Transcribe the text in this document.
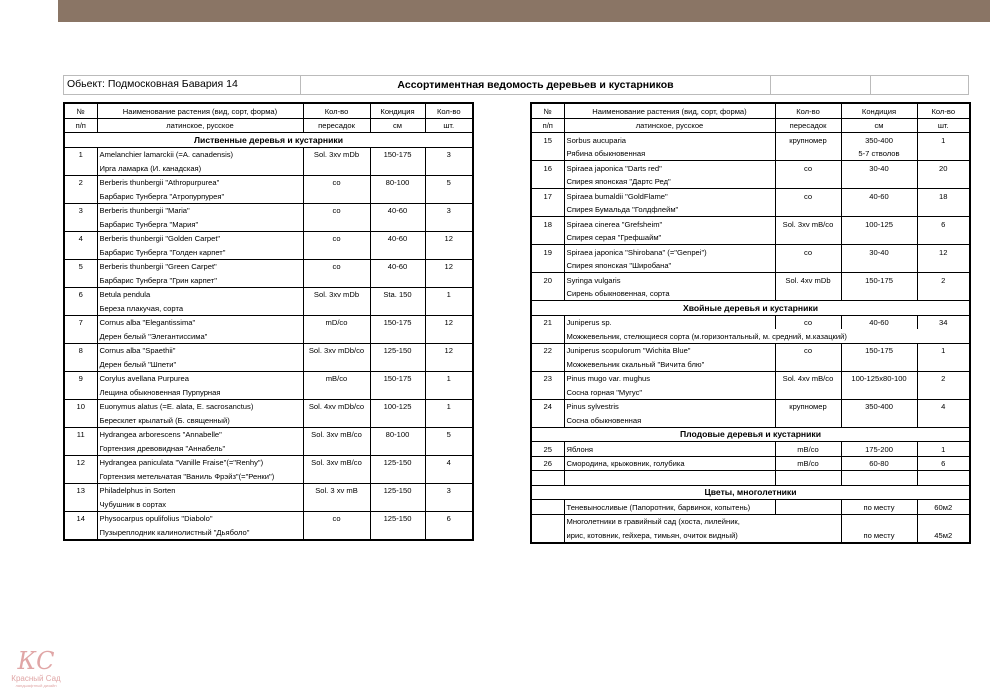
Обьект: Подмосковная Бавария 14	Ассортиментная ведомость деревьев и кустарников
№	Наименование растения (вид, сорт, форма)	Кол-во	Кондиция	Кол-во
п/п	латинское, русское	пересадок	см	шт.
Лиственные деревья и кустарники				
1	Amelanchier lamarckii (=A. canadensis)	Sol. 3xv mDb	150-175	3
	Ирга ламарка (И. канадская)			
2	Berberis thunbergii "Athropurpurea"	со	80-100	5
	Барбарис Тунберга "Атропурпурея"			
3	Berberis thunbergii "Maria"	со	40-60	3
	Барбарис Тунберга "Мария"			
4	Berberis thunbergii "Golden Carpet"	со	40-60	12
	Барбарис Тунберга "Голден карпет"			
5	Berberis thunbergii "Green Carpet"	со	40-60	12
	Барбарис Тунберга "Грин карпет"			
6	Betula pendula	Sol. 3xv mDb	Sta. 150	1
	Береза плакучая, сорта			
7	Cornus alba "Elegantissima"	mD/co	150-175	12
	Дерен белый "Элегантиссима"			
8	Cornus alba "Spaethii"	Sol. 3xv mDb/co	125-150	12
	Дерен белый "Шпети"			
9	Corylus avellana Purpurea	mB/co	150-175	1
	Лещина обыкновенная Пурпурная			
10	Euonymus alatus (=E. alata, E. sacrosanctus)	Sol. 4xv mDb/co	100-125	1
	Бересклет крылатый (Б. священный)			
11	Hydrangea arborescens "Annabelle"	Sol. 3xv mB/co	80-100	5
	Гортензия древовидная "Аннабель"			
12	Hydrangea paniculata "Vanille Fraise"(="Renhy")	Sol. 3xv mB/co	125-150	4
	Гортензия метельчатая "Ваниль Фрэйз"(="Ренки")			
13	Philadelphus in Sorten	Sol. 3 xv mB	125-150	3
	Чубушник в сортах			
14	Physocarpus opulifolius "Diabolo"	со	125-150	6
	Пузыреплодник калинолистный "Дьяболо"			
№	Наименование растения (вид, сорт, форма)	Кол-во	Кондиция	Кол-во
п/п	латинское, русское	пересадок	см	шт.
15	Sorbus aucuparia	крупномер	350-400	1
	Рябина обыкновенная		5-7 стволов	
16	Spiraea japonica "Darts red"	со	30-40	20
	Спирея японская "Дартс Ред"			
17	Spiraea bumaldii "GoldFlame"	со	40-60	18
	Спирея Бумальда "Голдфлейм"			
18	Spiraea cinerea "Grefsheim"	Sol. 3xv mB/co	100-125	6
	Спирея серая "Грефшайм"			
19	Spiraea japonica "Shirobana" (="Genpei")	со	30-40	12
	Спирея японская "Широбана"			
20	Syringa vulgaris	Sol. 4xv mDb	150-175	2
	Сирень обыкновенная, сорта			
Хвойные деревья и кустарники				
21	Juniperus sp.	со	40-60	34
	Можжевельник, стелющиеся сорта (м.горизонтальный, м. средний, м.казацкий)			
22	Juniperus scopulorum "Wichita Blue"	со	150-175	1
	Можжевельник скальный "Вичита блю"			
23	Pinus mugo var. mughus	Sol. 4xv mB/co	100-125x80-100	2
	Сосна горная "Мугус"			
24	Pinus sylvestris	крупномер	350-400	4
	Сосна обыкновенная			
Плодовые деревья и кустарники				
25	Яблоня	mB/co	175-200	1
26	Смородина, крыжовник, голубика	mB/co	60-80	6

Цветы, многолетники				
	Теневыносливые (Папоротник, барвинок, копытень)		по месту	60м2
	Многолетники в гравийный сад (хоста, лилейник,			
	ирис, котовник, гейхера, тимьян, очиток видный)		по месту	45м2
КС
Красный Сад
ландшафтный дизайн
